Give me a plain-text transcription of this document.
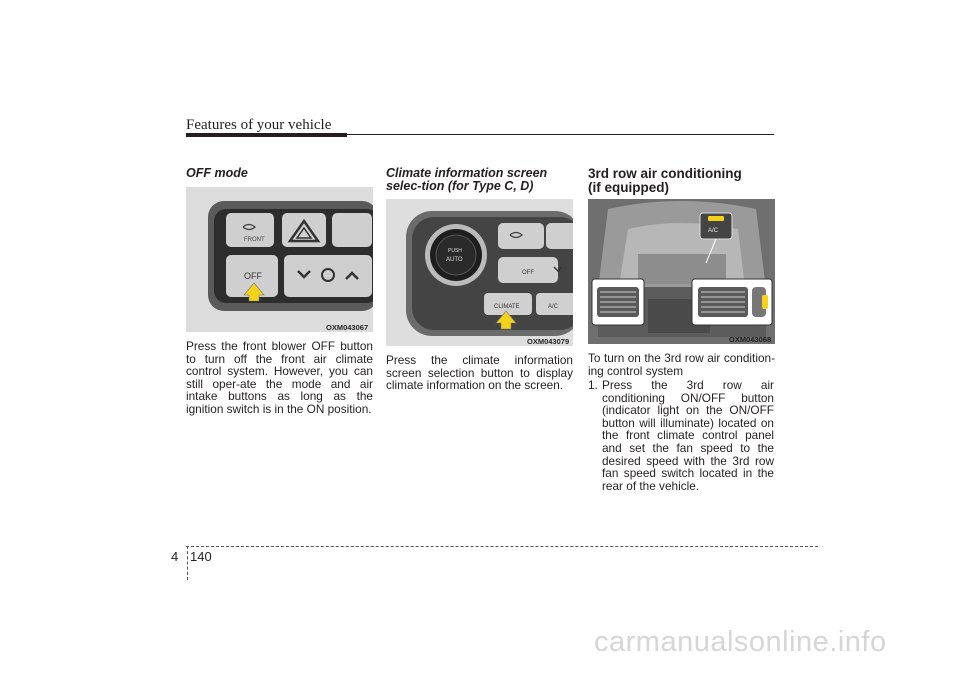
Features of your vehicle
OFF mode
FRONT
OFF
OXM043067
Press the front blower OFF button to turn off the front air climate control system. However, you can still oper-ate the mode and air intake buttons as long as the ignition switch is in the ON position.
Climate information screen selec-tion (for Type C, D)
PUSH
AUTO
OFF
CLIMATE	A/C
OXM043079
Press the climate information screen selection button to display climate information on the screen.
3rd row air conditioning
(if equipped)
A/C
OXM043068
To turn on the 3rd row air condition-ing control system
1. Press the 3rd row air conditioning ON/OFF button (indicator light on the ON/OFF button will illuminate) located on the front climate control panel and set the fan speed to the desired speed with the 3rd row fan speed switch located in the rear of the vehicle.
4 140
carmanualsonline.info
